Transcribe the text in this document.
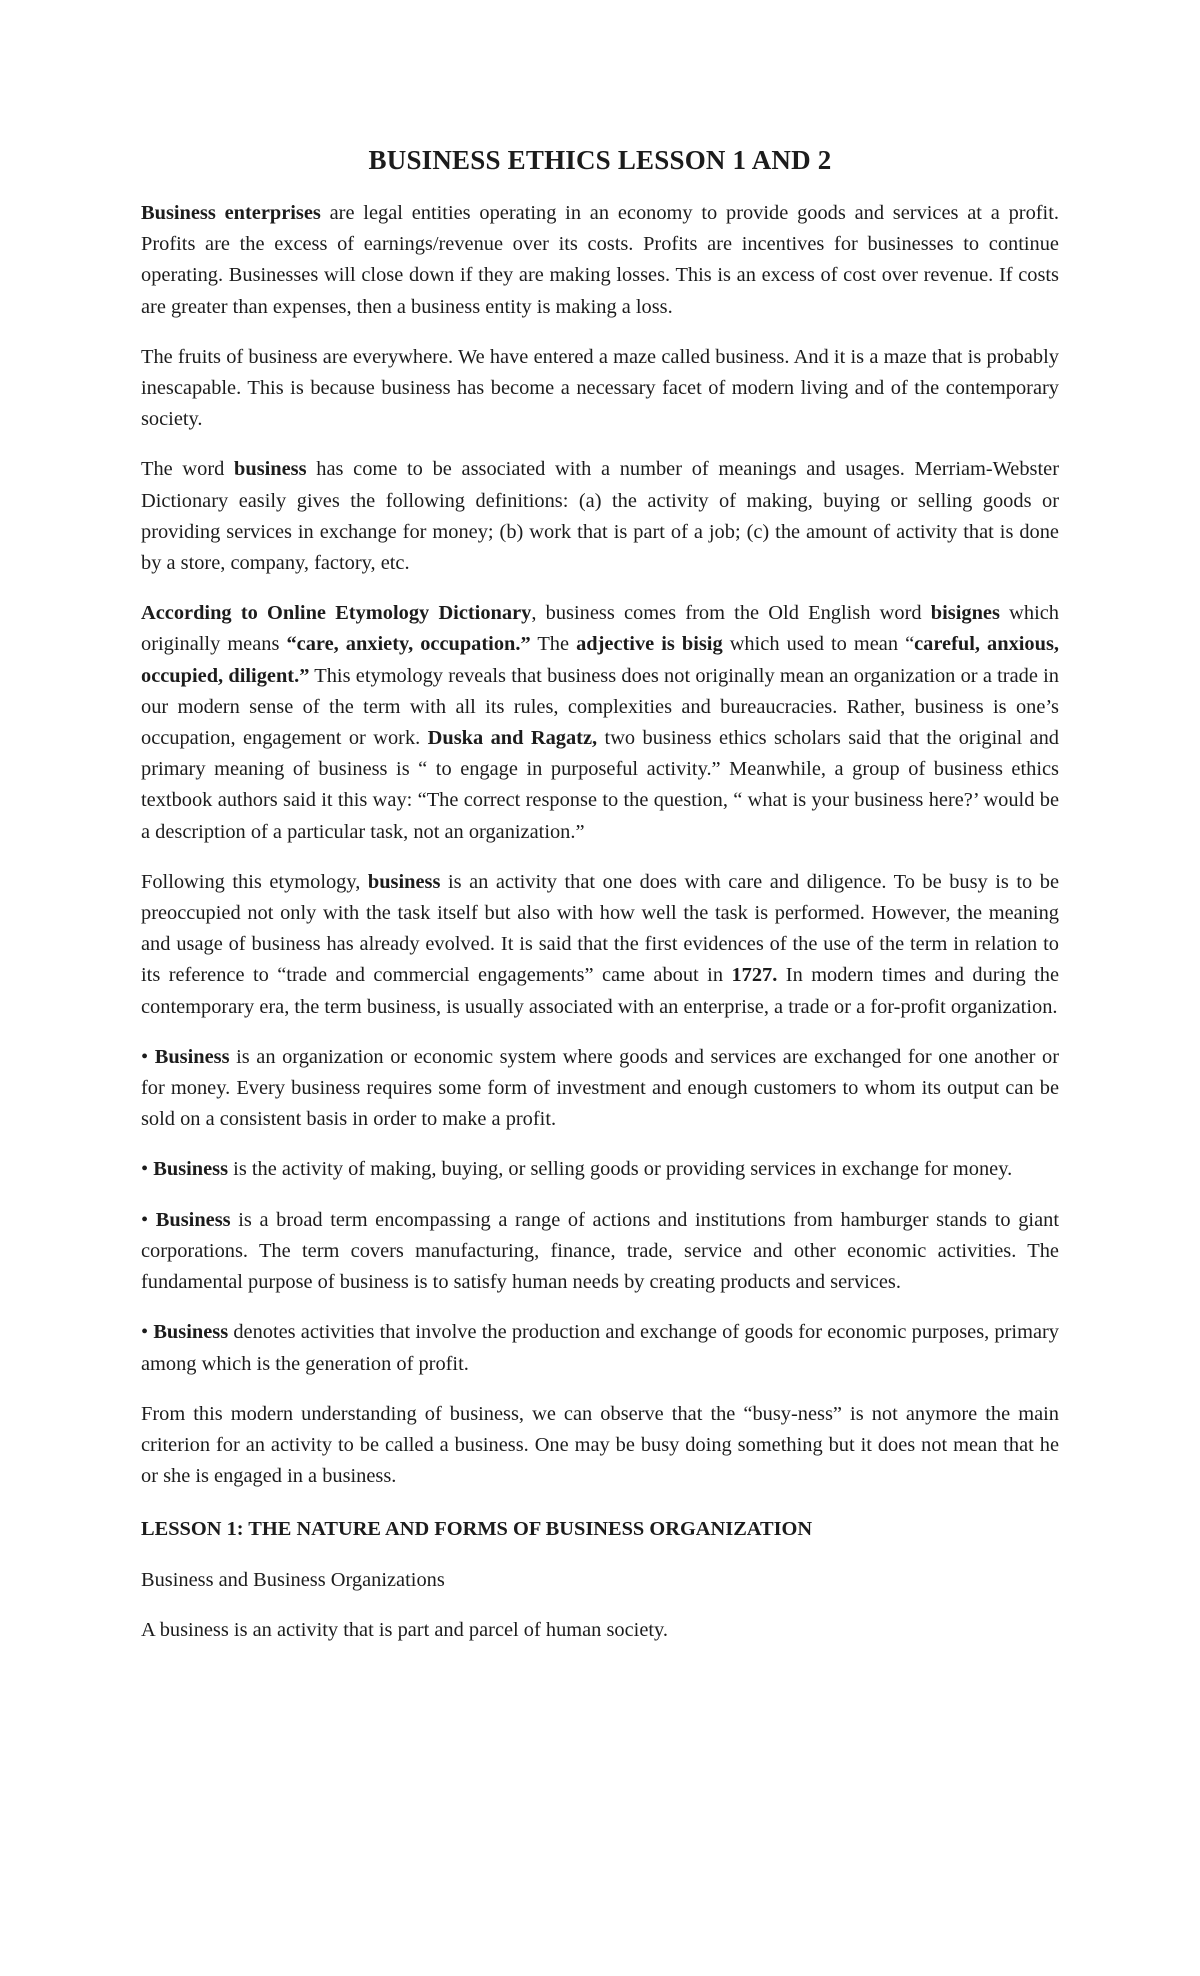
BUSINESS ETHICS LESSON 1 AND 2

Business enterprises are legal entities operating in an economy to provide goods and services at a profit. Profits are the excess of earnings/revenue over its costs. Profits are incentives for businesses to continue operating. Businesses will close down if they are making losses. This is an excess of cost over revenue. If costs are greater than expenses, then a business entity is making a loss.

The fruits of business are everywhere. We have entered a maze called business. And it is a maze that is probably inescapable. This is because business has become a necessary facet of modern living and of the contemporary society.

The word business has come to be associated with a number of meanings and usages. Merriam-Webster Dictionary easily gives the following definitions: (a) the activity of making, buying or selling goods or providing services in exchange for money; (b) work that is part of a job; (c) the amount of activity that is done by a store, company, factory, etc.

According to Online Etymology Dictionary, business comes from the Old English word bisignes which originally means “care, anxiety, occupation.” The adjective is bisig which used to mean “careful, anxious, occupied, diligent.” This etymology reveals that business does not originally mean an organization or a trade in our modern sense of the term with all its rules, complexities and bureaucracies. Rather, business is one’s occupation, engagement or work. Duska and Ragatz, two business ethics scholars said that the original and primary meaning of business is “ to engage in purposeful activity.” Meanwhile, a group of business ethics textbook authors said it this way: “The correct response to the question, “ what is your business here?’ would be a description of a particular task, not an organization.”

Following this etymology, business is an activity that one does with care and diligence. To be busy is to be preoccupied not only with the task itself but also with how well the task is performed. However, the meaning and usage of business has already evolved. It is said that the first evidences of the use of the term in relation to its reference to “trade and commercial engagements” came about in 1727. In modern times and during the contemporary era, the term business, is usually associated with an enterprise, a trade or a for-profit organization.

• Business is an organization or economic system where goods and services are exchanged for one another or for money. Every business requires some form of investment and enough customers to whom its output can be sold on a consistent basis in order to make a profit.

• Business is the activity of making, buying, or selling goods or providing services in exchange for money.

• Business is a broad term encompassing a range of actions and institutions from hamburger stands to giant corporations. The term covers manufacturing, finance, trade, service and other economic activities. The fundamental purpose of business is to satisfy human needs by creating products and services.

• Business denotes activities that involve the production and exchange of goods for economic purposes, primary among which is the generation of profit.

From this modern understanding of business, we can observe that the “busy-ness” is not anymore the main criterion for an activity to be called a business. One may be busy doing something but it does not mean that he or she is engaged in a business.

LESSON 1: THE NATURE AND FORMS OF BUSINESS ORGANIZATION

Business and Business Organizations

A business is an activity that is part and parcel of human society.
